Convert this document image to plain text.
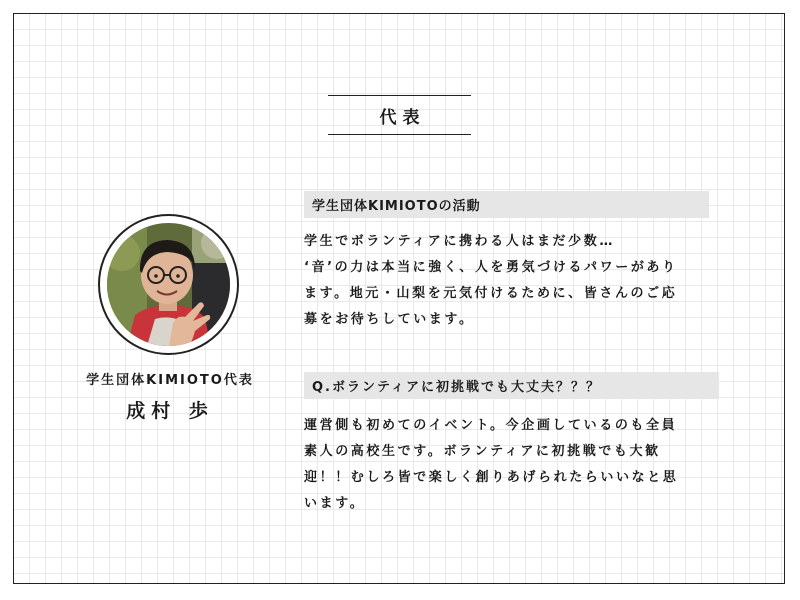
代表
学生団体KIMIOTO代表
成村 歩
学生団体KIMIOTOの活動
学生でボランティアに携わる人はまだ少数…
‘音’の力は本当に強く、人を勇気づけるパワーがあり
ます。地元・山梨を元気付けるために、皆さんのご応
募をお待ちしています。
Q.ボランティアに初挑戦でも大丈夫？？？
運営側も初めてのイベント。今企画しているのも全員
素人の高校生です。ボランティアに初挑戦でも大歓
迎！！むしろ皆で楽しく創りあげられたらいいなと思
います。
